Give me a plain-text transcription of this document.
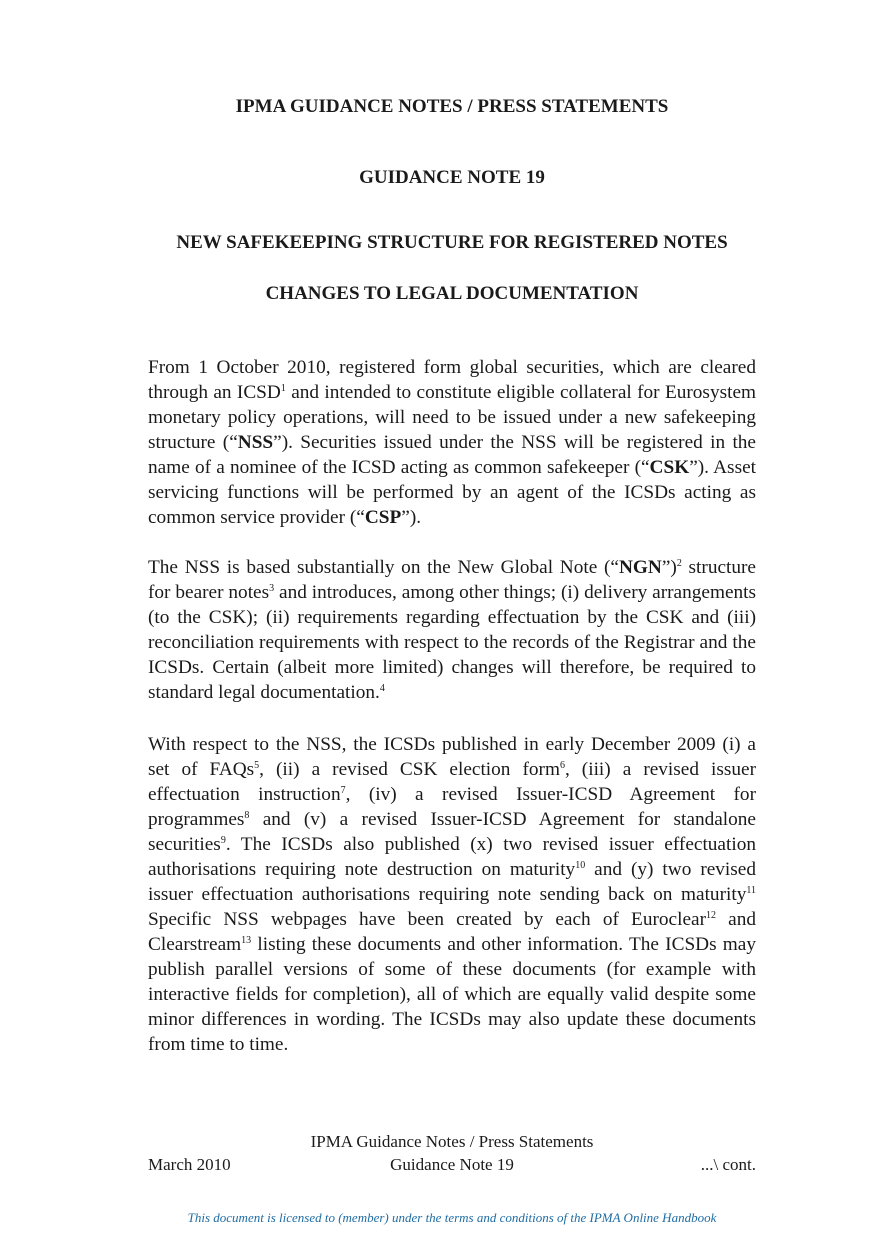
IPMA GUIDANCE NOTES / PRESS STATEMENTS
GUIDANCE NOTE 19
NEW SAFEKEEPING STRUCTURE FOR REGISTERED NOTES
CHANGES TO LEGAL DOCUMENTATION

From 1 October 2010, registered form global securities, which are cleared through an ICSD$^1$ and intended to constitute eligible collateral for Eurosystem monetary policy operations, will need to be issued under a new safekeeping structure (“NSS”). Securities issued under the NSS will be registered in the name of a nominee of the ICSD acting as common safekeeper (“CSK”). Asset servicing functions will be performed by an agent of the ICSDs acting as common service provider (“CSP”).

The NSS is based substantially on the New Global Note (“NGN”)$^2$ structure for bearer notes$^3$ and introduces, among other things; (i) delivery arrangements (to the CSK); (ii) requirements regarding effectuation by the CSK and (iii) reconciliation requirements with respect to the records of the Registrar and the ICSDs. Certain (albeit more limited) changes will therefore, be required to standard legal documentation.$^4$

With respect to the NSS, the ICSDs published in early December 2009 (i) a set of FAQs$^5$, (ii) a revised CSK election form$^6$, (iii) a revised issuer effectuation instruction$^7$, (iv) a revised Issuer-ICSD Agreement for programmes$^8$ and (v) a revised Issuer-ICSD Agreement for standalone securities$^9$. The ICSDs also published (x) two revised issuer effectuation authorisations requiring note destruction on maturity$^{10}$ and (y) two revised issuer effectuation authorisations requiring note sending back on maturity$^{11}$ Specific NSS webpages have been created by each of Euroclear$^{12}$ and Clearstream$^{13}$ listing these documents and other information. The ICSDs may publish parallel versions of some of these documents (for example with interactive fields for completion), all of which are equally valid despite some minor differences in wording. The ICSDs may also update these documents from time to time.

IPMA Guidance Notes / Press Statements
March 2010	Guidance Note 19	...\ cont.
This document is licensed to (member) under the terms and conditions of the IPMA Online Handbook
